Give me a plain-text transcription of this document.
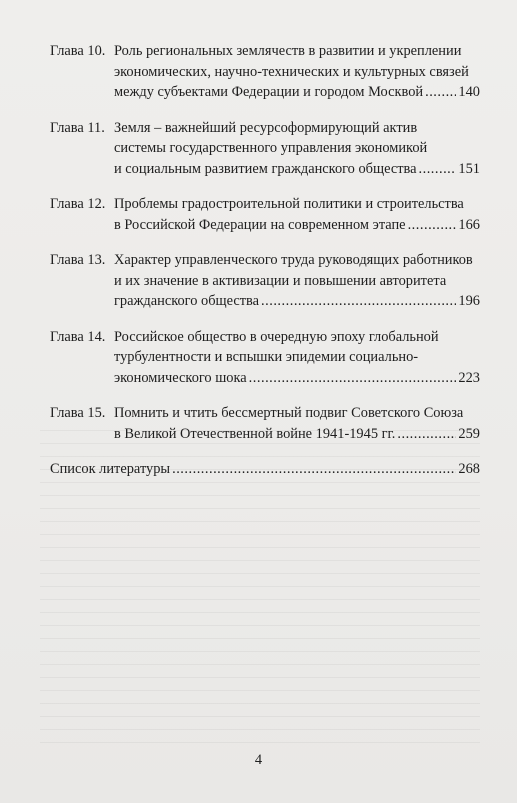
Глава 10. Роль региональных землячеств в развитии и укреплении
экономических, научно-технических и культурных связей
между субъектами Федерации и городом Москвой ..... 140
Глава 11. Земля – важнейший ресурсоформирующий актив
системы государственного управления экономикой
и социальным развитием гражданского общества .....	151
Глава 12. Проблемы градостроительной политики и строительства
в Российской Федерации на современном этапе .....	166
Глава 13. Характер управленческого труда руководящих работников
и их значение в активизации и повышении авторитета
гражданского общества .....	196
Глава 14. Российское общество в очередную эпоху глобальной
турбулентности и вспышки эпидемии социально-
экономического шока .....	223
Глава 15. Помнить и чтить бессмертный подвиг Советского Союза
в Великой Отечественной войне 1941-1945 гг. .....	259
Список литературы .....	268
4
